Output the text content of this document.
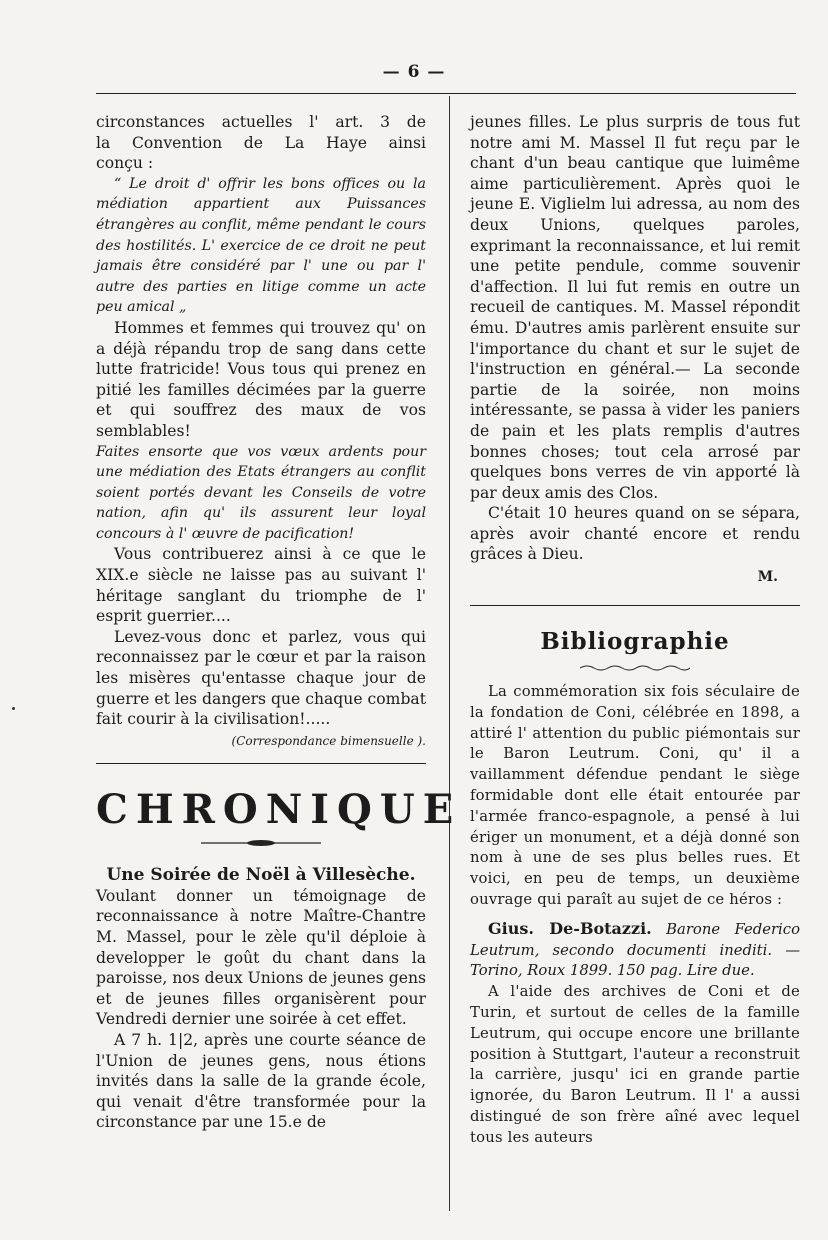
— 6 —

circonstances actuelles l' art. 3 de

la Convention de La Haye ainsi

conçu :

“ Le droit d' offrir les bons offices ou la médiation appartient aux Puissances étrangères au conflit, même pendant le cours des hostilités. L' exercice de ce droit ne peut jamais être considéré par l' une ou par l' autre des parties en litige comme un acte peu amical „

Hommes et femmes qui trouvez qu' on a déjà répandu trop de sang dans cette lutte fratricide! Vous tous qui prenez en pitié les familles décimées par la guerre et qui souffrez des maux de vos semblables!

Faites ensorte que vos vœux ardents pour une médiation des Etats étrangers au conflit soient portés devant les Conseils de votre nation, afin qu' ils assurent leur loyal concours à l' œuvre de pacification!

Vous contribuerez ainsi à ce que le XIX.e siècle ne laisse pas au suivant l' héritage sanglant du triomphe de l' esprit guerrier....

Levez-vous donc et parlez, vous qui reconnaissez par le cœur et par la raison les misères qu'entasse chaque jour de guerre et les dangers que chaque combat fait courir à la civilisation!.....

(Correspondance bimensuelle ).

CHRONIQUE
Une Soirée de Noël à Villesèche.

Voulant donner un témoignage de reconnaissance à notre Maître-Chantre M. Massel, pour le zèle qu'il déploie à developper le goût du chant dans la paroisse, nos deux Unions de jeunes gens et de jeunes filles organisèrent pour Vendredi dernier une soirée à cet effet.

A 7 h. 1|2, après une courte séance de l'Union de jeunes gens, nous étions invités dans la salle de la grande école, qui venait d'être transformée pour la circonstance par une 15.e de

jeunes filles. Le plus surpris de tous fut notre ami M. Massel Il fut reçu par le chant d'un beau cantique que luimême aime particulièrement. Après quoi le jeune E. Viglielm lui adressa, au nom des deux Unions, quelques paroles, exprimant la reconnaissance, et lui remit une petite pendule, comme souvenir d'affection. Il lui fut remis en outre un recueil de cantiques. M. Massel répondit ému. D'autres amis parlèrent ensuite sur l'importance du chant et sur le sujet de l'instruction en général.— La seconde partie de la soirée, non moins intéressante, se passa à vider les paniers de pain et les plats remplis d'autres bonnes choses; tout cela arrosé par quelques bons verres de vin apporté là par deux amis des Clos.

C'était 10 heures quand on se sépara, après avoir chanté encore et rendu grâces à Dieu.

M.

Bibliographie

La commémoration six fois séculaire de la fondation de Coni, célébrée en 1898, a attiré l' attention du public piémontais sur le Baron Leutrum. Coni, qu' il a vaillamment défendue pendant le siège formidable dont elle était entourée par l'armée franco-espagnole, a pensé à lui ériger un monument, et a déjà donné son nom à une de ses plus belles rues. Et voici, en peu de temps, un deuxième ouvrage qui paraît au sujet de ce héros :

Gius. De-Botazzi. Barone Federico Leutrum, secondo documenti inediti. — Torino, Roux 1899. 150 pag. Lire due.

A l'aide des archives de Coni et de Turin, et surtout de celles de la famille Leutrum, qui occupe encore une brillante position à Stuttgart, l'auteur a reconstruit la carrière, jusqu' ici en grande partie ignorée, du Baron Leutrum. Il l' a aussi distingué de son frère aîné avec lequel tous les auteurs
